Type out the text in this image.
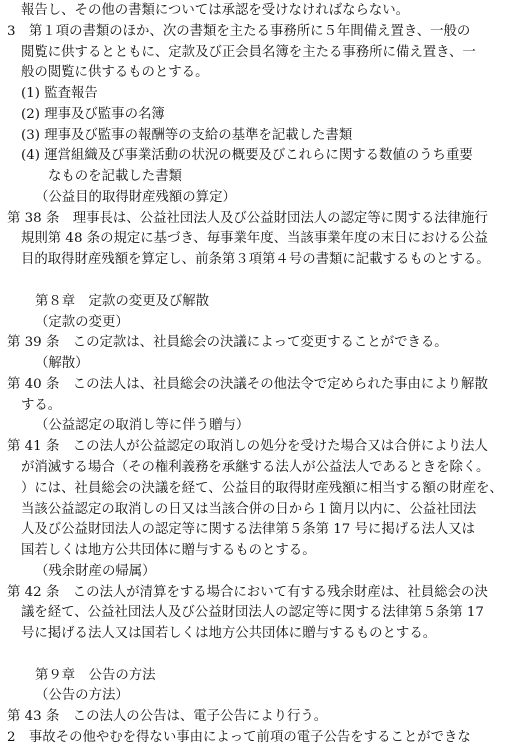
報告し、その他の書類については承認を受けなければならない。
3　第１項の書類のほか、次の書類を主たる事務所に５年間備え置き、一般の
閲覧に供するとともに、定款及び正会員名簿を主たる事務所に備え置き、一
般の閲覧に供するものとする。
(1) 監査報告
(2) 理事及び監事の名簿
(3) 理事及び監事の報酬等の支給の基準を記載した書類
(4) 運営組織及び事業活動の状況の概要及びこれらに関する数値のうち重要
なものを記載した書類
（公益目的取得財産残額の算定）
第 38 条　理事長は、公益社団法人及び公益財団法人の認定等に関する法律施行
規則第 48 条の規定に基づき、毎事業年度、当該事業年度の末日における公益
目的取得財産残額を算定し、前条第３項第４号の書類に記載するものとする。
第８章　定款の変更及び解散
（定款の変更）
第 39 条　この定款は、社員総会の決議によって変更することができる。
（解散）
第 40 条　この法人は、社員総会の決議その他法令で定められた事由により解散
する。
（公益認定の取消し等に伴う贈与）
第 41 条　この法人が公益認定の取消しの処分を受けた場合又は合併により法人
が消滅する場合（その権利義務を承継する法人が公益法人であるときを除く。
）には、社員総会の決議を経て、公益目的取得財産残額に相当する額の財産を、
当該公益認定の取消しの日又は当該合併の日から１箇月以内に、公益社団法
人及び公益財団法人の認定等に関する法律第５条第 17 号に掲げる法人又は
国若しくは地方公共団体に贈与するものとする。
（残余財産の帰属）
第 42 条　この法人が清算をする場合において有する残余財産は、社員総会の決
議を経て、公益社団法人及び公益財団法人の認定等に関する法律第５条第 17
号に掲げる法人又は国若しくは地方公共団体に贈与するものとする。
第９章　公告の方法
（公告の方法）
第 43 条　この法人の公告は、電子公告により行う。
2　事故その他やむを得ない事由によって前項の電子公告をすることができな
